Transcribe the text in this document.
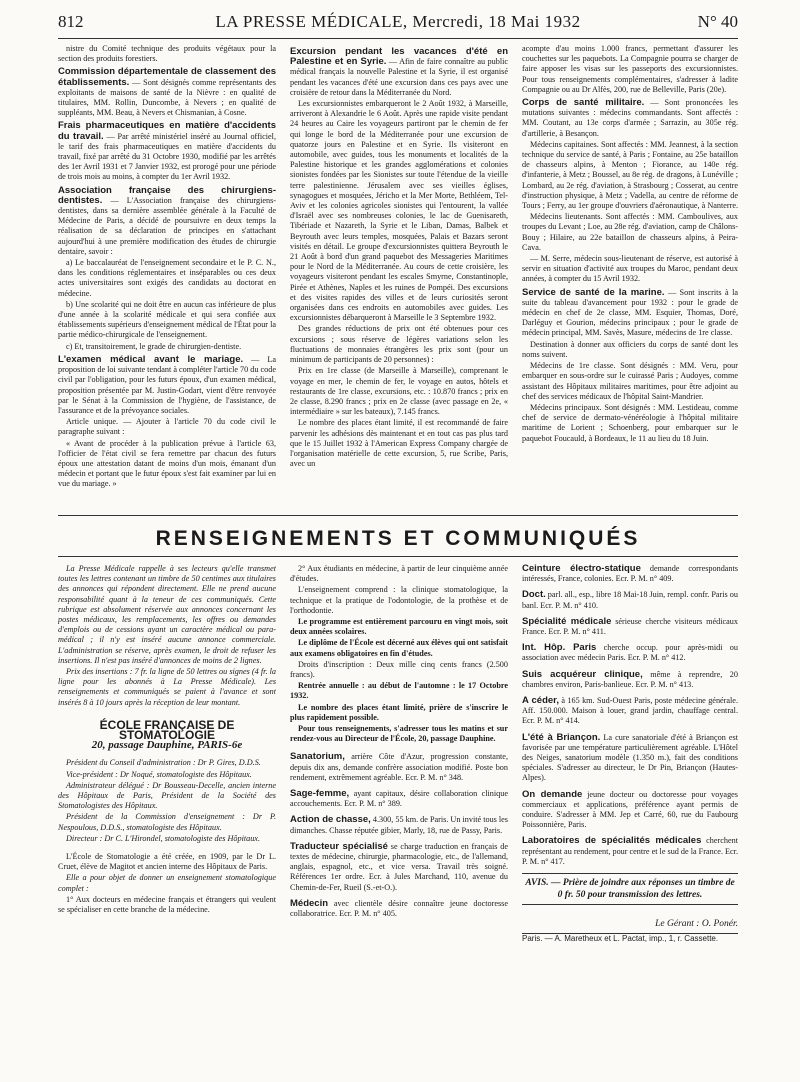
812	LA PRESSE MÉDICALE, Mercredi, 18 Mai 1932	N° 40

nistre du Comité technique des produits végétaux pour la section des produits forestiers.

Commission départementale de classement des établissements. — Sont désignés comme représentants des exploitants de maisons de santé de la Nièvre : en qualité de titulaires, MM. Rollin, Duncombe, à Nevers ; en qualité de suppléants, MM. Beau, à Nevers et Chismanian, à Cosne.

Frais pharmaceutiques en matière d'accidents du travail. — Par arrêté ministériel inséré au Journal officiel, le tarif des frais pharmaceutiques en matière d'accidents du travail, fixé par arrêté du 31 Octobre 1930, modifié par les arrêtés des 1er Avril 1931 et 7 Janvier 1932, est prorogé pour une période de trois mois au moins, à compter du 1er Avril 1932.

Association française des chirurgiens-dentistes. — L'Association française des chirurgiens-dentistes, dans sa dernière assemblée générale à la Faculté de Médecine de Paris, a décidé de poursuivre en deux temps la réalisation de sa déclaration de principes en s'attachant aujourd'hui à une première modification des études de chirurgie dentaire, savoir :

a) Le baccalauréat de l'enseignement secondaire et le P. C. N., dans les conditions réglementaires et inséparables ou ces deux actes universitaires sont exigés des candidats au doctorat en médecine.

b) Une scolarité qui ne doit être en aucun cas inférieure de plus d'une année à la scolarité médicale et qui sera confiée aux établissements supérieurs d'enseignement médical de l'État pour la partie médico-chirurgicale de l'enseignement.

c) Et, transitoirement, le grade de chirurgien-dentiste.

L'examen médical avant le mariage. — La proposition de loi suivante tendant à compléter l'article 70 du code civil par l'obligation, pour les futurs époux, d'un examen médical, proposition présentée par M. Justin-Godart, vient d'être renvoyée par le Sénat à la Commission de l'hygiène, de l'assistance, de l'assurance et de la prévoyance sociales.

Article unique. — Ajouter à l'article 70 du code civil le paragraphe suivant :

« Avant de procéder à la publication prévue à l'article 63, l'officier de l'état civil se fera remettre par chacun des futurs époux une attestation datant de moins d'un mois, émanant d'un médecin et portant que le futur époux s'est fait examiner par lui en vue du mariage. »

Excursion pendant les vacances d'été en Palestine et en Syrie. — Afin de faire connaître au public médical français la nouvelle Palestine et la Syrie, il est organisé pendant les vacances d'été une excursion dans ces pays avec une croisière de retour dans la Méditerranée du Nord.

Les excursionnistes embarqueront le 2 Août 1932, à Marseille, arriveront à Alexandrie le 6 Août. Après une rapide visite pendant 24 heures au Caire les voyageurs partiront par le chemin de fer qui longe le bord de la Méditerranée pour une excursion de quatorze jours en Palestine et en Syrie. Ils visiteront en automobile, avec guides, tous les monuments et localités de la Palestine historique et les grandes agglomérations et colonies sionistes fondées par les Sionistes sur toute l'étendue de la vieille terre palestinienne. Jérusalem avec ses vieilles églises, synagogues et mosquées, Jéricho et la Mer Morte, Bethléem, Tel-Aviv et les colonies agricoles sionistes qui l'entourent, la vallée d'Israël avec ses nombreuses colonies, le lac de Guenisareth, Tibériade et Nazareth, la Syrie et le Liban, Damas, Balbek et Beyrouth avec leurs temples, mosquées, Palais et Bazars seront visités en détail. Le groupe d'excursionnistes quittera Beyrouth le 21 Août à bord d'un grand paquebot des Messageries Maritimes pour le Nord de la Méditerranée. Au cours de cette croisière, les voyageurs visiteront pendant les escales Smyrne, Constantinople, Pirée et Athènes, Naples et les ruines de Pompéi. Des excursions et des visites rapides des villes et de leurs curiosités seront organisées dans ces endroits en automobiles avec guides. Les excursionnistes débarqueront à Marseille le 3 Septembre 1932.

Des grandes réductions de prix ont été obtenues pour ces excursions ; sous réserve de légères variations selon les fluctuations de monnaies étrangères les prix sont (pour un minimum de participants de 20 personnes) :

Prix en 1re classe (de Marseille à Marseille), comprenant le voyage en mer, le chemin de fer, le voyage en autos, hôtels et restaurants de 1re classe, excursions, etc. : 10.870 francs ; prix en 2e classe, 8.290 francs ; prix en 2e classe (avec passage en 2e, « intermédiaire » sur les bateaux), 7.145 francs.

Le nombre des places étant limité, il est recommandé de faire parvenir les adhésions dès maintenant et en tout cas pas plus tard que le 15 Juillet 1932 à l'American Express Company chargée de l'organisation matérielle de cette excursion, 5, rue Scribe, Paris, avec un

acompte d'au moins 1.000 francs, permettant d'assurer les couchettes sur les paquebots. La Compagnie pourra se charger de faire apposer les visas sur les passeports des excursionnistes. Pour tous renseignements complémentaires, s'adresser à ladite Compagnie ou au Dr Alfès, 200, rue de Belleville, Paris (20e).

Corps de santé militaire. — Sont prononcées les mutations suivantes : médecins commandants. Sont affectés : MM. Coutant, au 13e corps d'armée ; Sarrazin, au 305e rég. d'artillerie, à Besançon.

Médecins capitaines. Sont affectés : MM. Jeannest, à la section technique du service de santé, à Paris ; Fontaine, au 25e bataillon de chasseurs alpins, à Menton ; Fiorance, au 140e rég. d'infanterie, à Metz ; Boussel, au 8e rég. de dragons, à Lunéville ; Lombard, au 2e rég. d'aviation, à Strasbourg ; Cosserat, au centre d'instruction physique, à Metz ; Vadella, au centre de réforme de Tours ; Ferry, au 1er groupe d'ouvriers d'aéronautique, à Nanterre.

Médecins lieutenants. Sont affectés : MM. Camboulives, aux troupes du Levant ; Loe, au 28e rég. d'aviation, camp de Châlons-Bouy ; Hilaire, au 22e bataillon de chasseurs alpins, à Peira-Cava.

— M. Serre, médecin sous-lieutenant de réserve, est autorisé à servir en situation d'activité aux troupes du Maroc, pendant deux années, à compter du 15 Avril 1932.

Service de santé de la marine. — Sont inscrits à la suite du tableau d'avancement pour 1932 : pour le grade de médecin en chef de 2e classe, MM. Esquier, Thomas, Doré, Darléguy et Gourion, médecins principaux ; pour le grade de médecin principal, MM. Savès, Masure, médecins de 1re classe.

Destination à donner aux officiers du corps de santé dont les noms suivent.

Médecins de 1re classe. Sont désignés : MM. Veru, pour embarquer en sous-ordre sur le cuirassé Paris ; Audoyes, comme assistant des Hôpitaux militaires maritimes, pour être adjoint au chef des services médicaux de l'hôpital Saint-Mandrier.

Médecins principaux. Sont désignés : MM. Lestideau, comme chef de service de dermato-vénéréologie à l'hôpital militaire maritime de Lorient ; Schoenberg, pour embarquer sur le paquebot Foucauld, à Bordeaux, le 11 au lieu du 18 Juin.

RENSEIGNEMENTS ET COMMUNIQUÉS

La Presse Médicale rappelle à ses lecteurs qu'elle transmet toutes les lettres contenant un timbre de 50 centimes aux titulaires des annonces qui répondent directement. Elle ne prend aucune responsabilité quant à la teneur de ces communiqués. Cette rubrique est absolument réservée aux annonces concernant les postes médicaux, les remplacements, les offres ou demandes d'emplois ou de cessions ayant un caractère médical ou para-médical ; il n'y est inséré aucune annonce commerciale. L'administration se réserve, après examen, le droit de refuser les insertions. Il n'est pas inséré d'annonces de moins de 2 lignes.

Prix des insertions : 7 fr. la ligne de 50 lettres ou signes (4 fr. la ligne pour les abonnés à La Presse Médicale). Les renseignements et communiqués se paient à l'avance et sont insérés 8 à 10 jours après la réception de leur montant.

ÉCOLE FRANÇAISE DE STOMATOLOGIE
20, passage Dauphine, PARIS-6e

Président du Conseil d'administration : Dr P. Gires, D.D.S.

Vice-président : Dr Noqué, stomatologiste des Hôpitaux.

Administrateur délégué : Dr Bousseau-Decelle, ancien interne des Hôpitaux de Paris, Président de la Société des Stomatologistes des Hôpitaux.

Président de la Commission d'enseignement : Dr P. Nespoulous, D.D.S., stomatologiste des Hôpitaux.

Directeur : Dr C. L'Hirondel, stomatologiste des Hôpitaux.

L'École de Stomatologie a été créée, en 1909, par le Dr L. Cruet, élève de Magitot et ancien interne des Hôpitaux de Paris.

Elle a pour objet de donner un enseignement stomatologique complet :

1° Aux docteurs en médecine français et étrangers qui veulent se spécialiser en cette branche de la médecine.

2° Aux étudiants en médecine, à partir de leur cinquième année d'études.

L'enseignement comprend : la clinique stomatologique, la technique et la pratique de l'odontologie, de la prothèse et de l'orthodontie.

Le programme est entièrement parcouru en vingt mois, soit deux années scolaires.

Le diplôme de l'École est décerné aux élèves qui ont satisfait aux examens obligatoires en fin d'études.

Droits d'inscription : Deux mille cinq cents francs (2.500 francs).

Rentrée annuelle : au début de l'automne : le 17 Octobre 1932.

Le nombre des places étant limité, prière de s'inscrire le plus rapidement possible.

Pour tous renseignements, s'adresser tous les matins et sur rendez-vous au Directeur de l'École, 20, passage Dauphine.

Sanatorium, arrière Côte d'Azur, progression constante, depuis dix ans, demande confrère association modifié. Poste bon rendement, extrêmement agréable. Ecr. P. M. n° 348.

Sage-femme, ayant capitaux, désire collaboration clinique accouchements. Ecr. P. M. n° 389.

Action de chasse, 4.300, 55 km. de Paris. Un invité tous les dimanches. Chasse réputée gibier, Marly, 18, rue de Passy, Paris.

Traducteur spécialisé se charge traduction en français de textes de médecine, chirurgie, pharmacologie, etc., de l'allemand, anglais, espagnol, etc., et vice versa. Travail très soigné. Références 1er ordre. Ecr. à Jules Marchand, 110, avenue du Chemin-de-Fer, Rueil (S.-et-O.).

Médecin avec clientèle désire connaître jeune doctoresse collaboratrice. Ecr. P. M. n° 405.

Ceinture électro-statique demande correspondants intéressés, France, colonies. Ecr. P. M. n° 409.

Doct. parl. all., esp., libre 18 Mai-18 Juin, rempl. confr. Paris ou banl. Ecr. P. M. n° 410.

Spécialité médicale sérieuse cherche visiteurs médicaux France. Ecr. P. M. n° 411.

Int. Hôp. Paris cherche occup. pour après-midi ou association avec médecin Paris. Ecr. P. M. n° 412.

Suis acquéreur clinique, même à reprendre, 20 chambres environ, Paris-banlieue. Ecr. P. M. n° 413.

A céder, à 165 km. Sud-Ouest Paris, poste médecine générale. Aff. 150.000. Maison à louer, grand jardin, chauffage central. Ecr. P. M. n° 414.

L'été à Briançon. La cure sanatoriale d'été à Briançon est favorisée par une température particulièrement agréable. L'Hôtel des Neiges, sanatorium modèle (1.350 m.), fait des conditions spéciales. S'adresser au directeur, le Dr Pin, Briançon (Hautes-Alpes).

On demande jeune docteur ou doctoresse pour voyages commerciaux et applications, préférence ayant permis de conduire. S'adresser à MM. Jep et Carré, 60, rue du Faubourg Poissonnière, Paris.

Laboratoires de spécialités médicales cherchent représentant au rendement, pour centre et le sud de la France. Ecr. P. M. n° 417.

AVIS. — Prière de joindre aux réponses un timbre de 0 fr. 50 pour transmission des lettres.
Le Gérant : O. Ponér.

Paris. — A. Maretheux et L. Pactat, imp., 1, r. Cassette.
